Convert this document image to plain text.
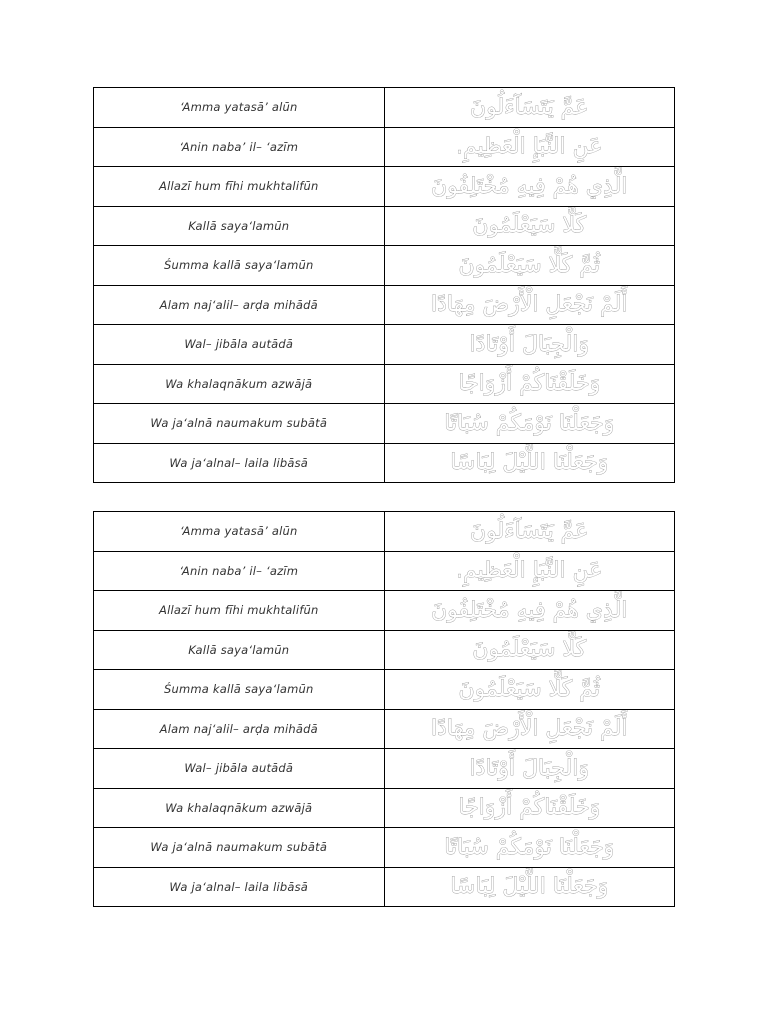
‘Amma yatasā’ alūn	عَمَّ يَتَسَآءَلُونَ
‘Anin naba’ il– ‘azīm	عَنِ النَّبَإِ الْعَظِيمِ.
Allazī hum fīhi mukhtalifūn	الَّذِي هُمْ فِيهِ مُخْتَلِفُونَ
Kallā saya‘lamūn	كَلَّا سَيَعْلَمُونَ
Śumma kallā saya‘lamūn	ثُمَّ كَلَّا سَيَعْلَمُونَ
Alam naj‘alil– arḍa mihādā	أَلَمْ نَجْعَلِ الْأَرْضَ مِهَادًا
Wal– jibāla autādā	وَالْجِبَالَ أَوْتَادًا
Wa khalaqnākum azwājā	وَخَلَقْنَاكُمْ أَزْوَاجًا
Wa ja‘alnā naumakum subātā	وَجَعَلْنَا نَوْمَكُمْ سُبَاتًا
Wa ja‘alnal– laila libāsā	وَجَعَلْنَا اللَّيْلَ لِبَاسًا
‘Amma yatasā’ alūn	عَمَّ يَتَسَآءَلُونَ
‘Anin naba’ il– ‘azīm	عَنِ النَّبَإِ الْعَظِيمِ.
Allazī hum fīhi mukhtalifūn	الَّذِي هُمْ فِيهِ مُخْتَلِفُونَ
Kallā saya‘lamūn	كَلَّا سَيَعْلَمُونَ
Śumma kallā saya‘lamūn	ثُمَّ كَلَّا سَيَعْلَمُونَ
Alam naj‘alil– arḍa mihādā	أَلَمْ نَجْعَلِ الْأَرْضَ مِهَادًا
Wal– jibāla autādā	وَالْجِبَالَ أَوْتَادًا
Wa khalaqnākum azwājā	وَخَلَقْنَاكُمْ أَزْوَاجًا
Wa ja‘alnā naumakum subātā	وَجَعَلْنَا نَوْمَكُمْ سُبَاتًا
Wa ja‘alnal– laila libāsā	وَجَعَلْنَا اللَّيْلَ لِبَاسًا
